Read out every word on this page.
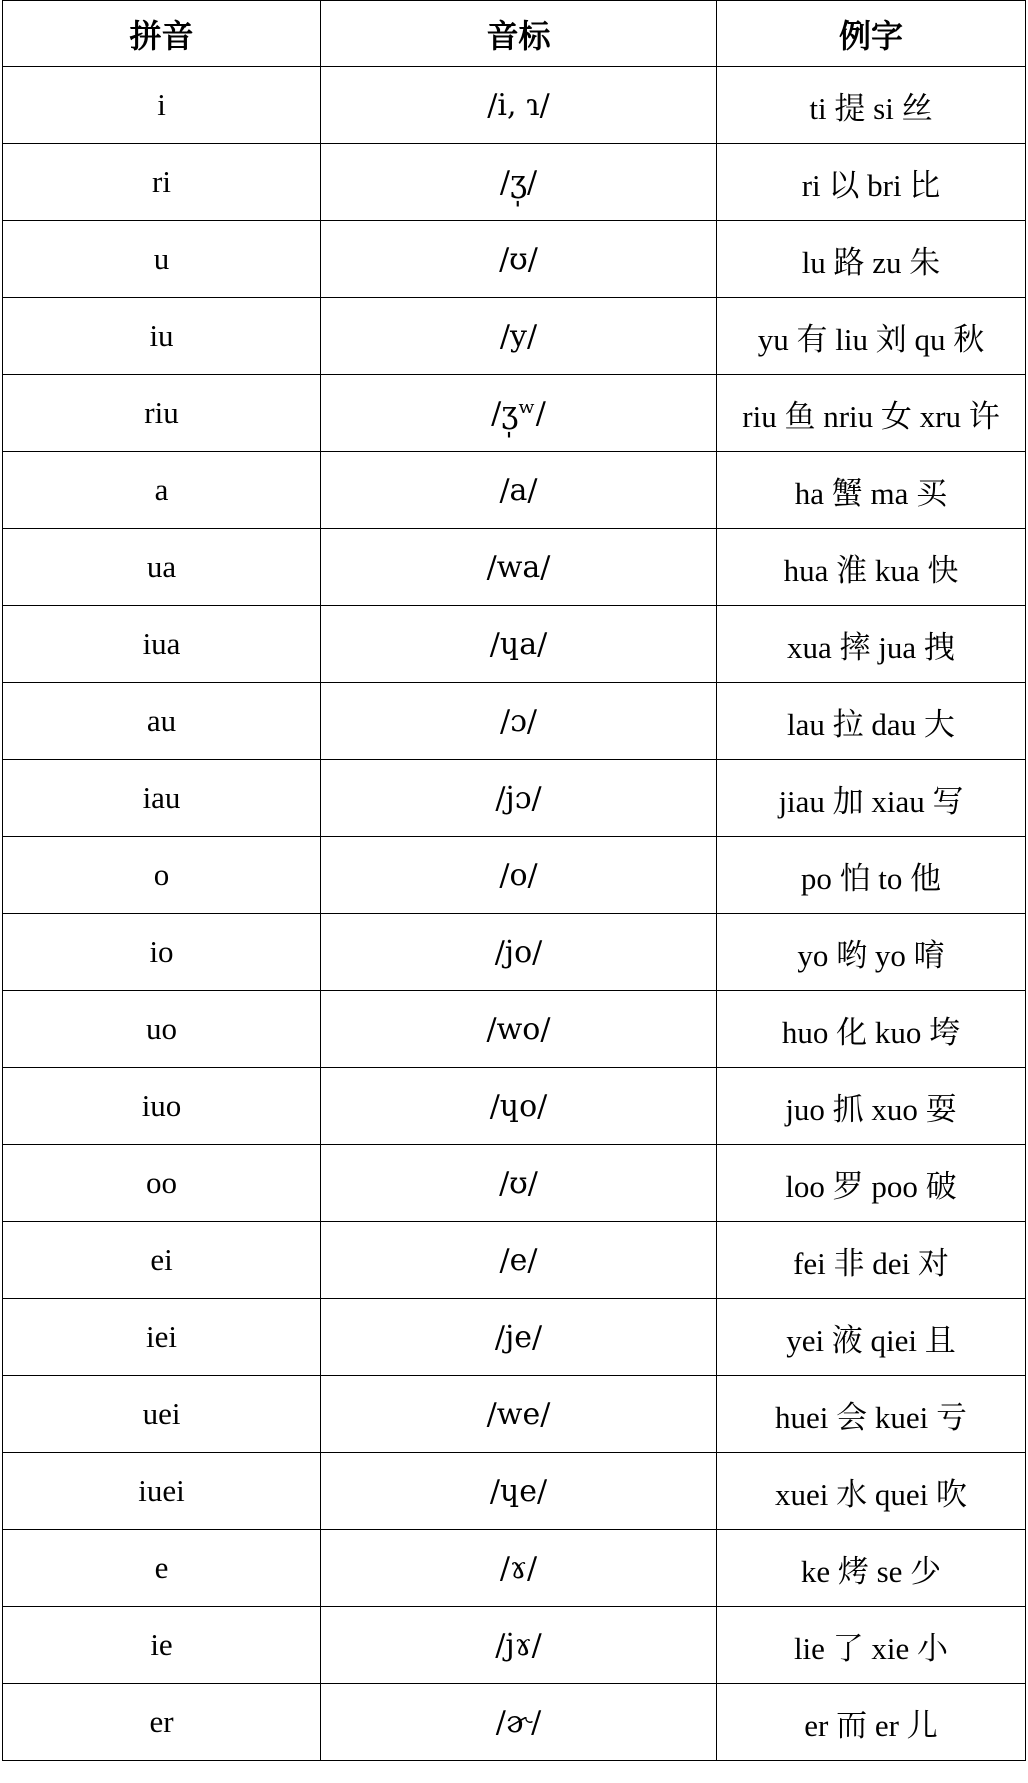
拼音	音标	例字
i	/i, ɿ/	ti 提 si 丝
ri	/ʒ̩/	ri 以 bri 比
u	/ʊ/	lu 路 zu 朱
iu	/y/	yu 有 liu 刘 qu 秋
riu	/ʒ̩ʷ/	riu 鱼 nriu 女 xru 许
a	/a/	ha 蟹 ma 买
ua	/wa/	hua 淮 kua 快
iua	/ɥa/	xua 摔 jua 拽
au	/ɔ/	lau 拉 dau 大
iau	/jɔ/	jiau 加 xiau 写
o	/o/	po 怕 to 他
io	/jo/	yo 哟 yo 唷
uo	/wo/	huo 化 kuo 垮
iuo	/ɥo/	juo 抓 xuo 耍
oo	/ʊ/	loo 罗 poo 破
ei	/e/	fei 非 dei 对
iei	/je/	yei 液 qiei 且
uei	/we/	huei 会 kuei 亏
iuei	/ɥe/	xuei 水 quei 吹
e	/ɤ/	ke 烤 se 少
ie	/jɤ/	lie 了 xie 小
er	/ɚ/	er 而 er 儿
